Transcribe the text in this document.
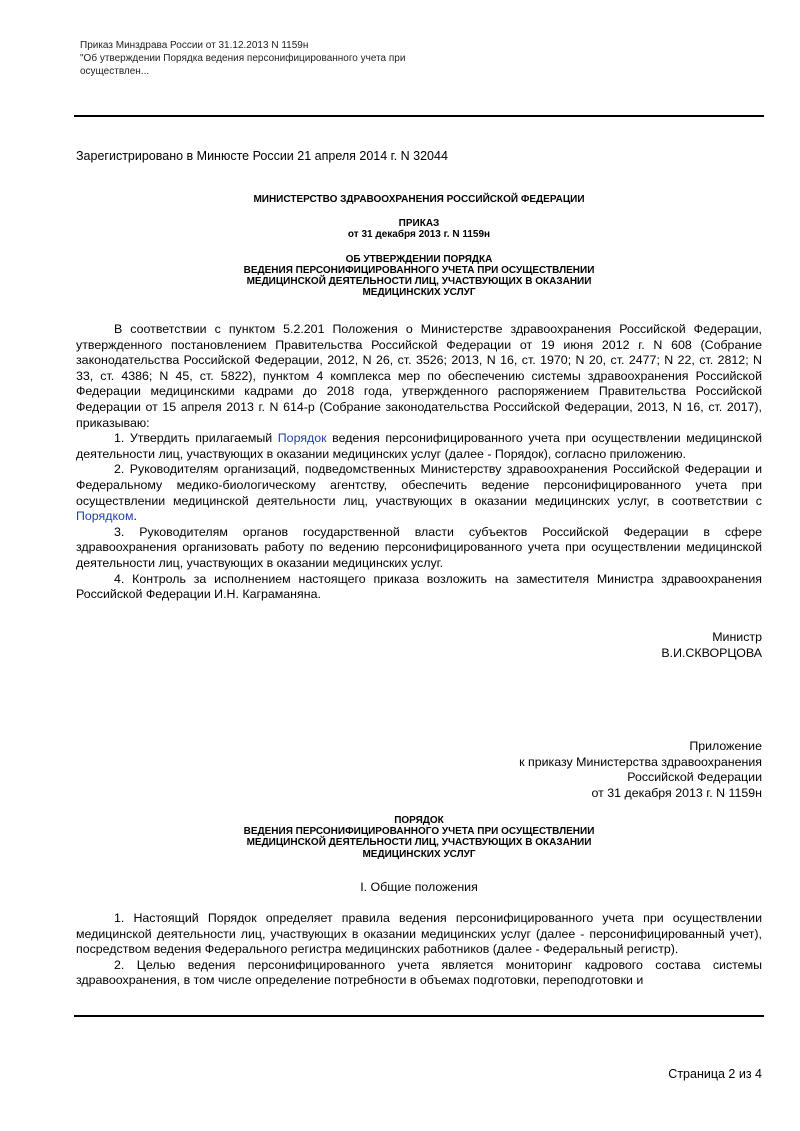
Приказ Минздрава России от 31.12.2013 N 1159н
"Об утверждении Порядка ведения персонифицированного учета при
осуществлен...
Зарегистрировано в Минюсте России 21 апреля 2014 г. N 32044
МИНИСТЕРСТВО ЗДРАВООХРАНЕНИЯ РОССИЙСКОЙ ФЕДЕРАЦИИ
ПРИКАЗ
от 31 декабря 2013 г. N 1159н
ОБ УТВЕРЖДЕНИИ ПОРЯДКА
ВЕДЕНИЯ ПЕРСОНИФИЦИРОВАННОГО УЧЕТА ПРИ ОСУЩЕСТВЛЕНИИ
МЕДИЦИНСКОЙ ДЕЯТЕЛЬНОСТИ ЛИЦ, УЧАСТВУЮЩИХ В ОКАЗАНИИ
МЕДИЦИНСКИХ УСЛУГ

В соответствии с пунктом 5.2.201 Положения о Министерстве здравоохранения Российской Федерации, утвержденного постановлением Правительства Российской Федерации от 19 июня 2012 г. N 608 (Собрание законодательства Российской Федерации, 2012, N 26, ст. 3526; 2013, N 16, ст. 1970; N 20, ст. 2477; N 22, ст. 2812; N 33, ст. 4386; N 45, ст. 5822), пунктом 4 комплекса мер по обеспечению системы здравоохранения Российской Федерации медицинскими кадрами до 2018 года, утвержденного распоряжением Правительства Российской Федерации от 15 апреля 2013 г. N 614-р (Собрание законодательства Российской Федерации, 2013, N 16, ст. 2017), приказываю:

1. Утвердить прилагаемый Порядок ведения персонифицированного учета при осуществлении медицинской деятельности лиц, участвующих в оказании медицинских услуг (далее - Порядок), согласно приложению.

2. Руководителям организаций, подведомственных Министерству здравоохранения Российской Федерации и Федеральному медико-биологическому агентству, обеспечить ведение персонифицированного учета при осуществлении медицинской деятельности лиц, участвующих в оказании медицинских услуг, в соответствии с Порядком.

3. Руководителям органов государственной власти субъектов Российской Федерации в сфере здравоохранения организовать работу по ведению персонифицированного учета при осуществлении медицинской деятельности лиц, участвующих в оказании медицинских услуг.

4. Контроль за исполнением настоящего приказа возложить на заместителя Министра здравоохранения Российской Федерации И.Н. Каграманяна.

Министр
В.И.СКВОРЦОВА
Приложение
к приказу Министерства здравоохранения
Российской Федерации
от 31 декабря 2013 г. N 1159н
ПОРЯДОК
ВЕДЕНИЯ ПЕРСОНИФИЦИРОВАННОГО УЧЕТА ПРИ ОСУЩЕСТВЛЕНИИ
МЕДИЦИНСКОЙ ДЕЯТЕЛЬНОСТИ ЛИЦ, УЧАСТВУЮЩИХ В ОКАЗАНИИ
МЕДИЦИНСКИХ УСЛУГ
I. Общие положения

1. Настоящий Порядок определяет правила ведения персонифицированного учета при осуществлении медицинской деятельности лиц, участвующих в оказании медицинских услуг (далее - персонифицированный учет), посредством ведения Федерального регистра медицинских работников (далее - Федеральный регистр).

2. Целью ведения персонифицированного учета является мониторинг кадрового состава системы здравоохранения, в том числе определение потребности в объемах подготовки, переподготовки и

Страница 2 из 4
